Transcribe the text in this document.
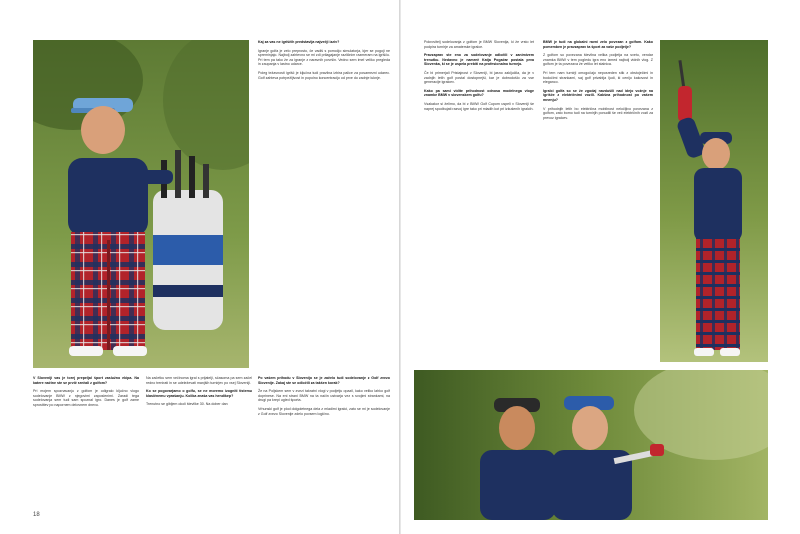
Kaj za vas ne igriščih predstavlja največji izziv?

Igranje golfa je zelo preprosto, če vadiš s pomočjo simulatorja, kjer se pogoji ne spreminjajo. Najbolj zahtevno se mi zdi prilagajanje različnim razmeram na igrišču. Pri tem pa tako že za igranje z naravnih površin. Vedno sem imel veliko pregleda in zaupanja v lastno udarce.

Poleg težavnosti igrišč je ključna tudi pravilna izbira palice za posamezni udarec. Golf zahteva potrpežljivost in popolno koncentracijo od prve do zadnje luknje.

V Sloveniji vas je torej prepeljal šport zaslužno ekipa. Na katere načine ste se prvič srečali z golfom?

Pri mojem spoznavanju z golfom je odigralo ključno vlogo sodelovanje BMW z njegovimi zaposlenimi. Zaradi tega sodelovanja sem tudi sam spoznal igro. Danes je golf zame sprostitev po napornem delovnem dnevu.

Na začetku sem večinoma igral s prijatelji, sčasoma pa sem začel redno trenirati in se udeleževati manjših turnirjev po vsej Sloveniji.

Ko se pogovarjamo o golfu, se ne moremo izogniti tistemu klasičnemu vprašanju. Kolika znaša vas hendikep?

Trenutno se gibljem okoli številke 30. Na dober dan

Po vašem prihodu v Slovenijo se je začelo tudi sodelovanje z Golf zvezo Slovenije. Zakaj ste se odločili za takšen korak?

Že na Poljskem sem v zvezi takratni vlogi v podjetju opazil, kako veliko lahko golf doprinese. Na eni strani BMW na ta način ustvarja vez s svojimi strankami, na drugi pa krepi ugled športa.

Vrhunski golf je plod dolgoletnega dela z mladimi igralci, zato se mi je sodelovanje z Golf zvezo Slovenije zdelo povsem logično.

18

Pokrovitelj sodelovanja z golfom je BMW Slovenija, ki že vrsto let podpira turnirje za amaterske igralce.

Pravzaprav ste eno za sodelovanje odločili v zanimivem trenutku. Nedavno je namreč Katja Pogačar postala prva Slovenka, ki se je uspela prebiti na profesionalno turnejo.

Če bi primerjali Pristajnost v Sloveniji, bi jasno zaključila, da je v zadnjih letih golf postal dostopnejši, kar je dobrodošlo za vse generacije igralcev.

Kako pa sami vidite prihodnost odnosa modelnega vloge znamke BMW v slovenskem golfu?

Vsakakor si želimo, da bi z BMW Golf Cupom uspeli v Sloveniji še naprej spodbujati razvoj igre tako pri mladih kot pri izkušenih igralcih.

BMW je tudi na globalni ravni zelo povezan z golfom. Kako pomemben je pravzaprav ta šport za vaše podjetje?

Z golfom so povezana številna velika podjetja na svetu, vendar znamka BMW v tem pogledu igra eno izmed najbolj vidnih vlog. Z golfom je ta povezava že veliko let stalnica.

Pri tem nam turnirji omogočajo neposreden stik z obstoječimi in bodočimi strankami, saj golf privablja ljudi, ki cenijo kakovost in eleganco.

Igralci golfa so se že zgodaj navdušili nad idejo vožnje na igrišče z električnimi vozili. Kakšna prihodnost po vašem mnenju?

V prihodnjih letih bo električna mobilnost neločljivo povezana z golfom, zato bomo tudi na turnirjih ponudili še več električnih vozil za prevoz igralcev.
